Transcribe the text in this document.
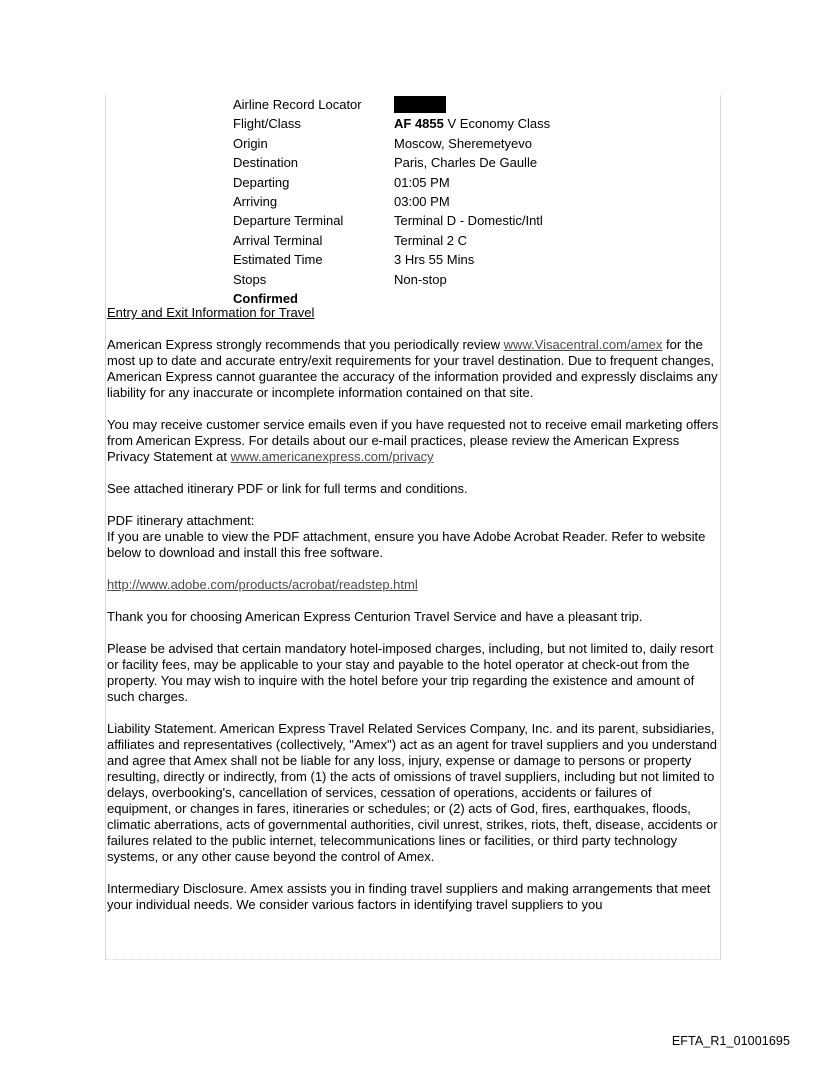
Airline Record Locator
Flight/Class	AF 4855 V Economy Class
Origin	Moscow, Sheremetyevo
Destination	Paris, Charles De Gaulle
Departing	01:05 PM
Arriving	03:00 PM
Departure Terminal	Terminal D - Domestic/Intl
Arrival Terminal	Terminal 2 C
Estimated Time	3 Hrs 55 Mins
Stops	Non-stop
Confirmed
Entry and Exit Information for Travel

American Express strongly recommends that you periodically review www.Visacentral.com/amex for the most up to date and accurate entry/exit requirements for your travel destination. Due to frequent changes, American Express cannot guarantee the accuracy of the information provided and expressly disclaims any liability for any inaccurate or incomplete information contained on that site.

You may receive customer service emails even if you have requested not to receive email marketing offers from American Express. For details about our e-mail practices, please review the American Express Privacy Statement at www.americanexpress.com/privacy

See attached itinerary PDF or link for full terms and conditions.

PDF itinerary attachment:
If you are unable to view the PDF attachment, ensure you have Adobe Acrobat Reader. Refer to website below to download and install this free software.

http://www.adobe.com/products/acrobat/readstep.html

Thank you for choosing American Express Centurion Travel Service and have a pleasant trip.

Please be advised that certain mandatory hotel-imposed charges, including, but not limited to, daily resort or facility fees, may be applicable to your stay and payable to the hotel operator at check-out from the property. You may wish to inquire with the hotel before your trip regarding the existence and amount of such charges.

Liability Statement. American Express Travel Related Services Company, Inc. and its parent, subsidiaries, affiliates and representatives (collectively, "Amex") act as an agent for travel suppliers and you understand and agree that Amex shall not be liable for any loss, injury, expense or damage to persons or property resulting, directly or indirectly, from (1) the acts of omissions of travel suppliers, including but not limited to delays, overbooking's, cancellation of services, cessation of operations, accidents or failures of equipment, or changes in fares, itineraries or schedules; or (2) acts of God, fires, earthquakes, floods, climatic aberrations, acts of governmental authorities, civil unrest, strikes, riots, theft, disease, accidents or failures related to the public internet, telecommunications lines or facilities, or third party technology systems, or any other cause beyond the control of Amex.

Intermediary Disclosure. Amex assists you in finding travel suppliers and making arrangements that meet your individual needs. We consider various factors in identifying travel suppliers to you

EFTA_R1_01001695
